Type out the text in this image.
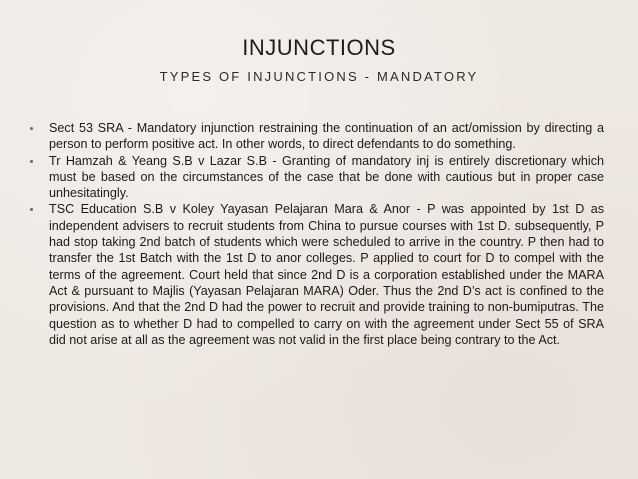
INJUNCTIONS
TYPES OF INJUNCTIONS - MANDATORY
Sect 53 SRA - Mandatory injunction restraining the continuation of an act/omission by directing a person to perform positive act. In other words, to direct defendants to do something.
Tr Hamzah & Yeang S.B v Lazar S.B - Granting of mandatory inj is entirely discretionary which must be based on the circumstances of the case that be done with cautious but in proper case unhesitatingly.
TSC Education S.B v Koley Yayasan Pelajaran Mara & Anor - P was appointed by 1st D as independent advisers to recruit students from China to pursue courses with 1st D. subsequently, P had stop taking 2nd batch of students which were scheduled to arrive in the country. P then had to transfer the 1st Batch with the 1st D to anor colleges. P applied to court for D to compel with the terms of the agreement. Court held that since 2nd D is a corporation established under the MARA Act & pursuant to Majlis (Yayasan Pelajaran MARA) Oder. Thus the 2nd D’s act is confined to the provisions. And that the 2nd D had the power to recruit and provide training to non-bumiputras. The question as to whether D had to compelled to carry on with the agreement under Sect 55 of SRA did not arise at all as the agreement was not valid in the first place being contrary to the Act.
